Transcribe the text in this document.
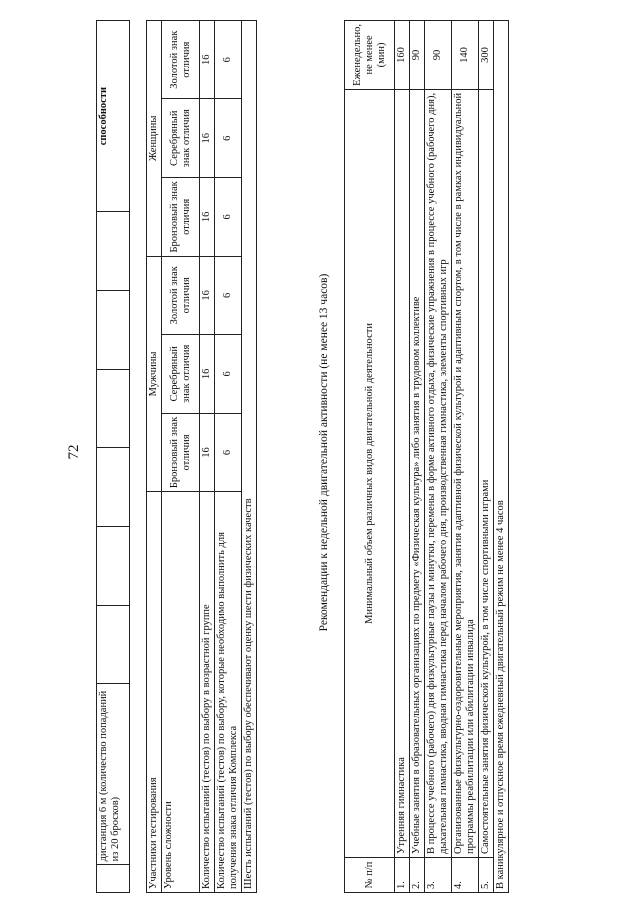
72
	дистанция 6 м (количество попаданий из 20 бросков)							способности
Участники тестирования	Мужчины			Женщины		
Уровень сложности	Бронзовый знак отличия	Серебряный знак отличия	Золотой знак отличия	Бронзовый знак отличия	Серебряный знак отличия	Золотой знак отличия
Количество испытаний (тестов) по выбору в возрастной группе	16	16	16	16	16	16
Количество испытаний (тестов) по выбору, которые необходимо выполнить для получения знака отличия Комплекса	6	6	6	6	6	6
Шесть испытаний (тестов) по выбору обеспечивают оценку шести физических качеств						
Рекомендации к недельной двигательной активности (не менее 13 часов)
№ п/п	Минимальный объем различных видов двигательной деятельности	Еженедельно, не менее (мин)
1.	Утренняя гимнастика	160
2.	Учебные занятия в образовательных организациях по предмету «Физическая культура» либо занятия в трудовом коллективе	90
3.	В процессе учебного (рабочего) дня физкультурные паузы и минутки, перемены в форме активного отдыха, физические упражнения в процессе учебного (рабочего дня), дыхательная гимнастика, вводная гимнастика перед началом рабочего дня, производственная гимнастика, элементы спортивных игр	90
4.	Организованные физкультурно-оздоровительные мероприятия, занятия адаптивной физической культурой и адаптивным спортом, в том числе в рамках индивидуальной программы реабилитации или абилитации инвалида	140
5.	Самостоятельные занятия физической культурой, в том числе спортивными играми	300
В каникулярное и отпускное время ежедневный двигательный режим не менее 4 часов		
